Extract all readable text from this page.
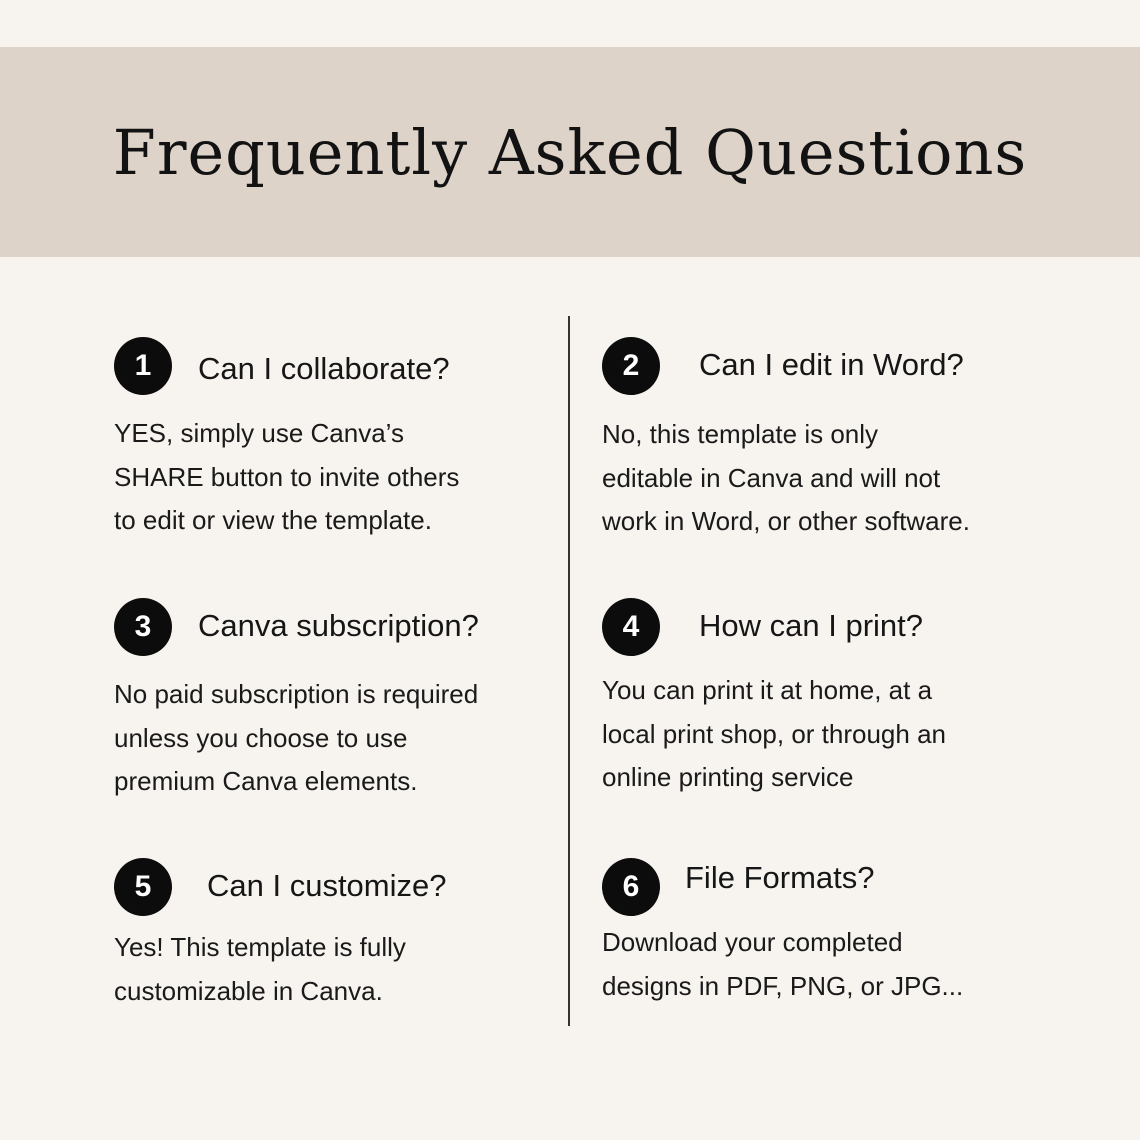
Frequently Asked Questions
1	Can I collaborate?

YES, simply use Canva’s
SHARE button to invite others
to edit or view the template.

2	Can I edit in Word?

No, this template is only
editable in Canva and will not
work in Word, or other software.

3	Canva subscription?

No paid subscription is required
unless you choose to use
premium Canva elements.

4	How can I print?

You can print it at home, at a
local print shop, or through an
online printing service

5	Can I customize?

Yes! This template is fully
customizable in Canva.

6	File Formats?

Download your completed
designs in PDF, PNG, or JPG...
